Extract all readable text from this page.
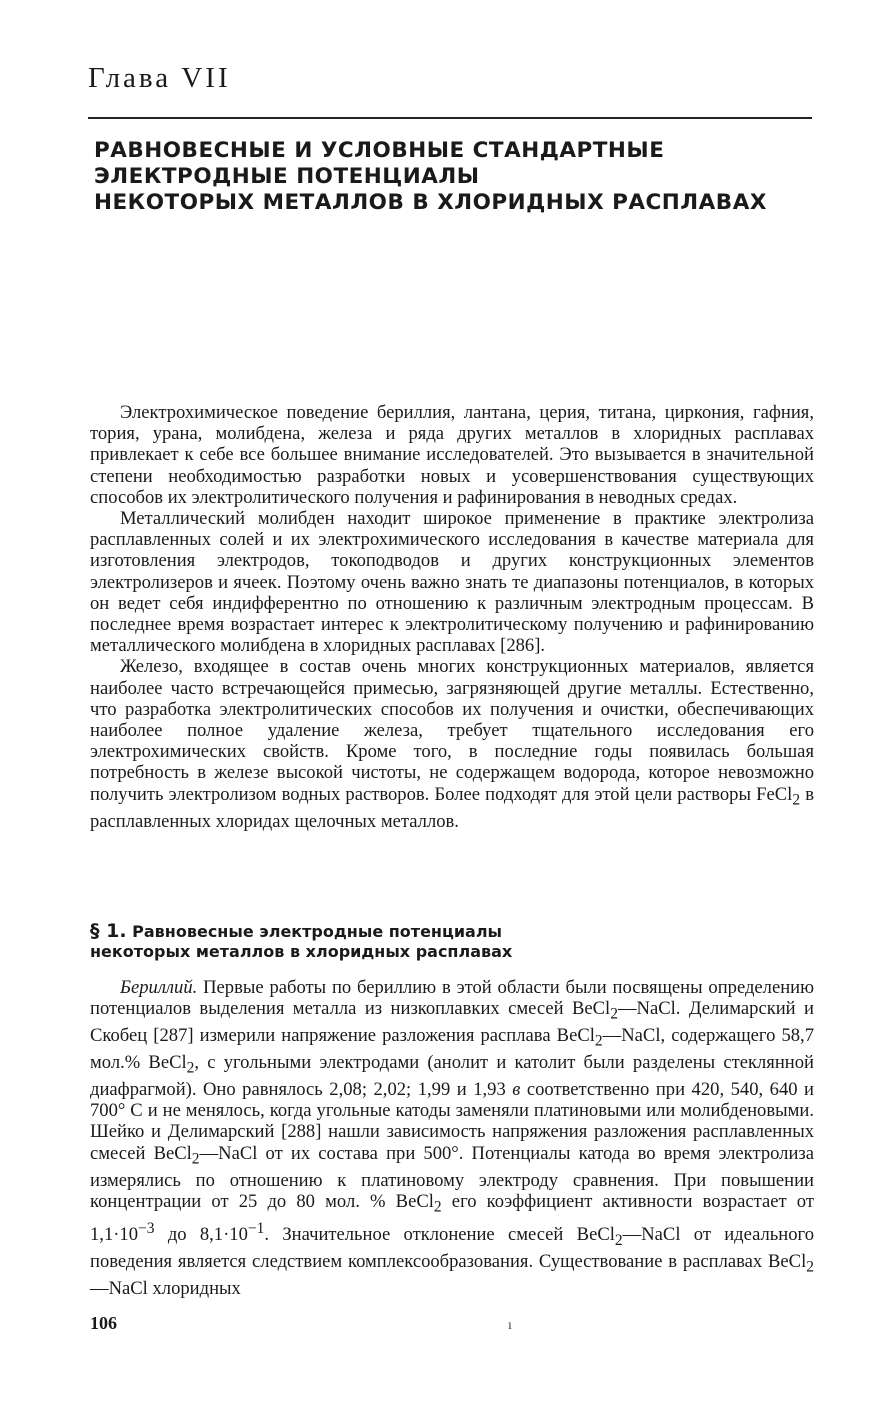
Глава VII
РАВНОВЕСНЫЕ И УСЛОВНЫЕ СТАНДАРТНЫЕ
ЭЛЕКТРОДНЫЕ ПОТЕНЦИАЛЫ
НЕКОТОРЫХ МЕТАЛЛОВ В ХЛОРИДНЫХ РАСПЛАВАХ

Электрохимическое поведение бериллия, лантана, церия, титана, циркония, гафния, тория, урана, молибдена, железа и ряда других металлов в хлоридных расплавах привлекает к себе все большее внимание исследователей. Это вызывается в значительной степени необходимостью разработки новых и усовершенствования существующих способов их электролитического получения и рафинирования в неводных средах.

Металлический молибден находит широкое применение в практике электролиза расплавленных солей и их электрохимического исследования в качестве материала для изготовления электродов, токоподводов и других конструкционных элементов электролизеров и ячеек. Поэтому очень важно знать те диапазоны потенциалов, в которых он ведет себя индифферентно по отношению к различным электродным процессам. В последнее время возрастает интерес к электролитическому получению и рафинированию металлического молибдена в хлоридных расплавах [286].

Железо, входящее в состав очень многих конструкционных материалов, является наиболее часто встречающейся примесью, загрязняющей другие металлы. Естественно, что разработка электролитических способов их получения и очистки, обеспечивающих наиболее полное удаление железа, требует тщательного исследования его электрохимических свойств. Кроме того, в последние годы появилась большая потребность в железе высокой чистоты, не содержащем водорода, которое невозможно получить электролизом водных растворов. Более подходят для этой цели растворы FeCl$_2$ в расплавленных хлоридах щелочных металлов.

§ 1. Равновесные электродные потенциалы
некоторых металлов в хлоридных расплавах

Бериллий. Первые работы по бериллию в этой области были посвящены определению потенциалов выделения металла из низкоплавких смесей BeCl$_2$—NaCl. Делимарский и Скобец [287] измерили напряжение разложения расплава BeCl$_2$—NaCl, содержащего 58,7 мол.% BeCl$_2$, с угольными электродами (анолит и католит были разделены стеклянной диафрагмой). Оно равнялось 2,08; 2,02; 1,99 и 1,93 в соответственно при 420, 540, 640 и 700° С и не менялось, когда угольные катоды заменяли платиновыми или молибденовыми. Шейко и Делимарский [288] нашли зависимость напряжения разложения расплавленных смесей BeCl$_2$—NaCl от их состава при 500°. Потенциалы катода во время электролиза измерялись по отношению к платиновому электроду сравнения. При повышении концентрации от 25 до 80 мол. % BeCl$_2$ его коэффициент активности возрастает от $1,1\cdot 10^{-3}$ до $8,1\cdot 10^{-1}$. Значительное отклонение смесей BeCl$_2$—NaCl от идеального поведения является следствием комплексообразования. Существование в расплавах BeCl$_2$—NaCl хлоридных

106	ı
